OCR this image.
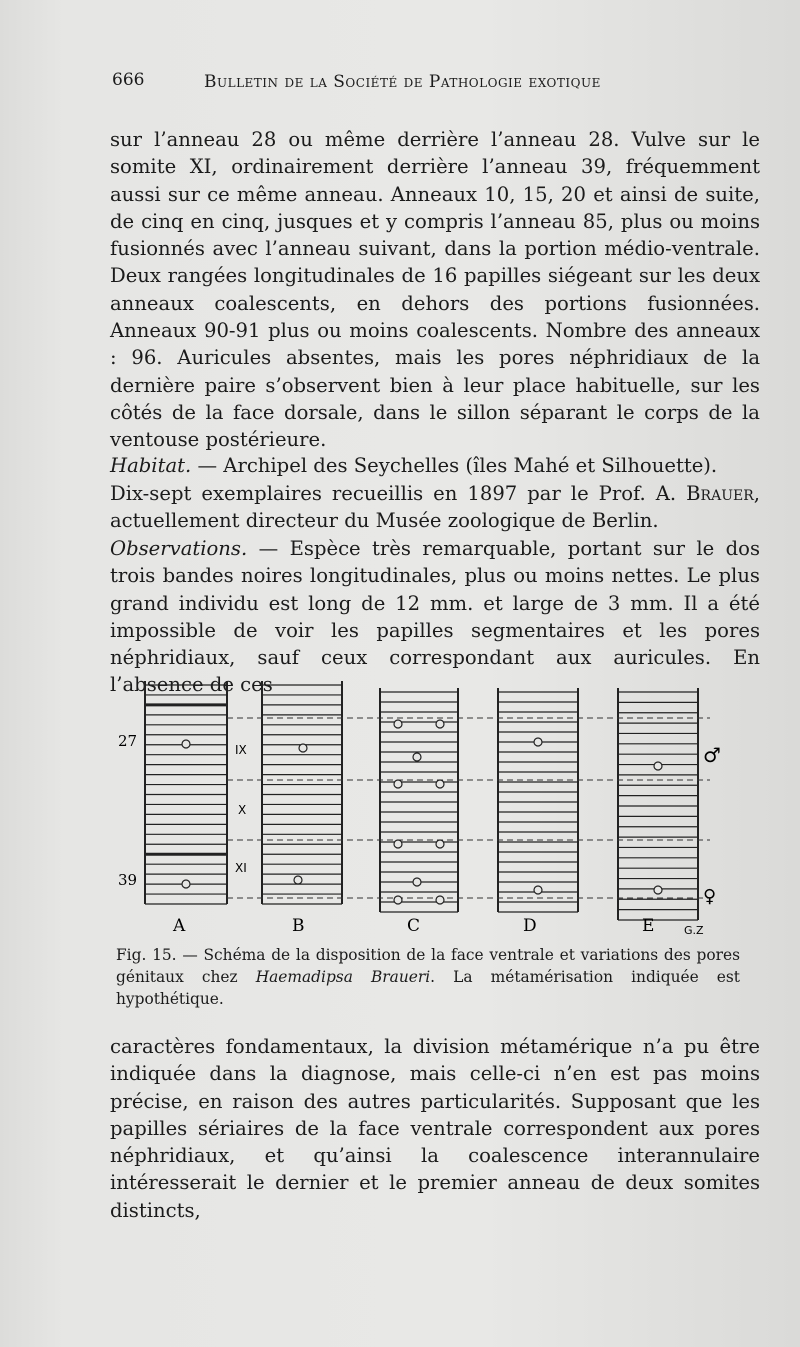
666	Bulletin de la Société de Pathologie exotique
sur l’anneau 28 ou même derrière l’anneau 28. Vulve sur le somite XI, ordinairement derrière l’anneau 39, fréquemment aussi sur ce même anneau. Anneaux 10, 15, 20 et ainsi de suite, de cinq en cinq, jusques et y compris l’anneau 85, plus ou moins fusionnés avec l’anneau suivant, dans la portion médio-ventrale. Deux rangées longitudinales de 16 papilles siégeant sur les deux anneaux coalescents, en dehors des portions fusionnées. Anneaux 90-91 plus ou moins coalescents. Nombre des anneaux : 96. Auricules absentes, mais les pores néphridiaux de la dernière paire s’observent bien à leur place habituelle, sur les côtés de la face dorsale, dans le sillon séparant le corps de la ventouse postérieure.
Habitat. — Archipel des Seychelles (îles Mahé et Silhouette).
Dix-sept exemplaires recueillis en 1897 par le Prof. A. Brauer, actuellement directeur du Musée zoologique de Berlin.
Observations. — Espèce très remarquable, portant sur le dos trois bandes noires longitudinales, plus ou moins nettes. Le plus grand individu est long de 12 mm. et large de 3 mm. Il a été impossible de voir les papilles segmentaires et les pores néphridiaux, sauf ceux correspondant aux auricules. En l’absence de ces
27
39
IX
X
XI
A	B	C	D	E
♂
♀
G.Z
Fig. 15. — Schéma de la disposition de la face ventrale et variations des pores génitaux chez Haemadipsa Braueri. La métamérisation indiquée est hypothétique.
caractères fondamentaux, la division métamérique n’a pu être indiquée dans la diagnose, mais celle-ci n’en est pas moins précise, en raison des autres particularités. Supposant que les papilles sériaires de la face ventrale correspondent aux pores néphridiaux, et qu’ainsi la coalescence interannulaire intéresserait le dernier et le premier anneau de deux somites distincts,
